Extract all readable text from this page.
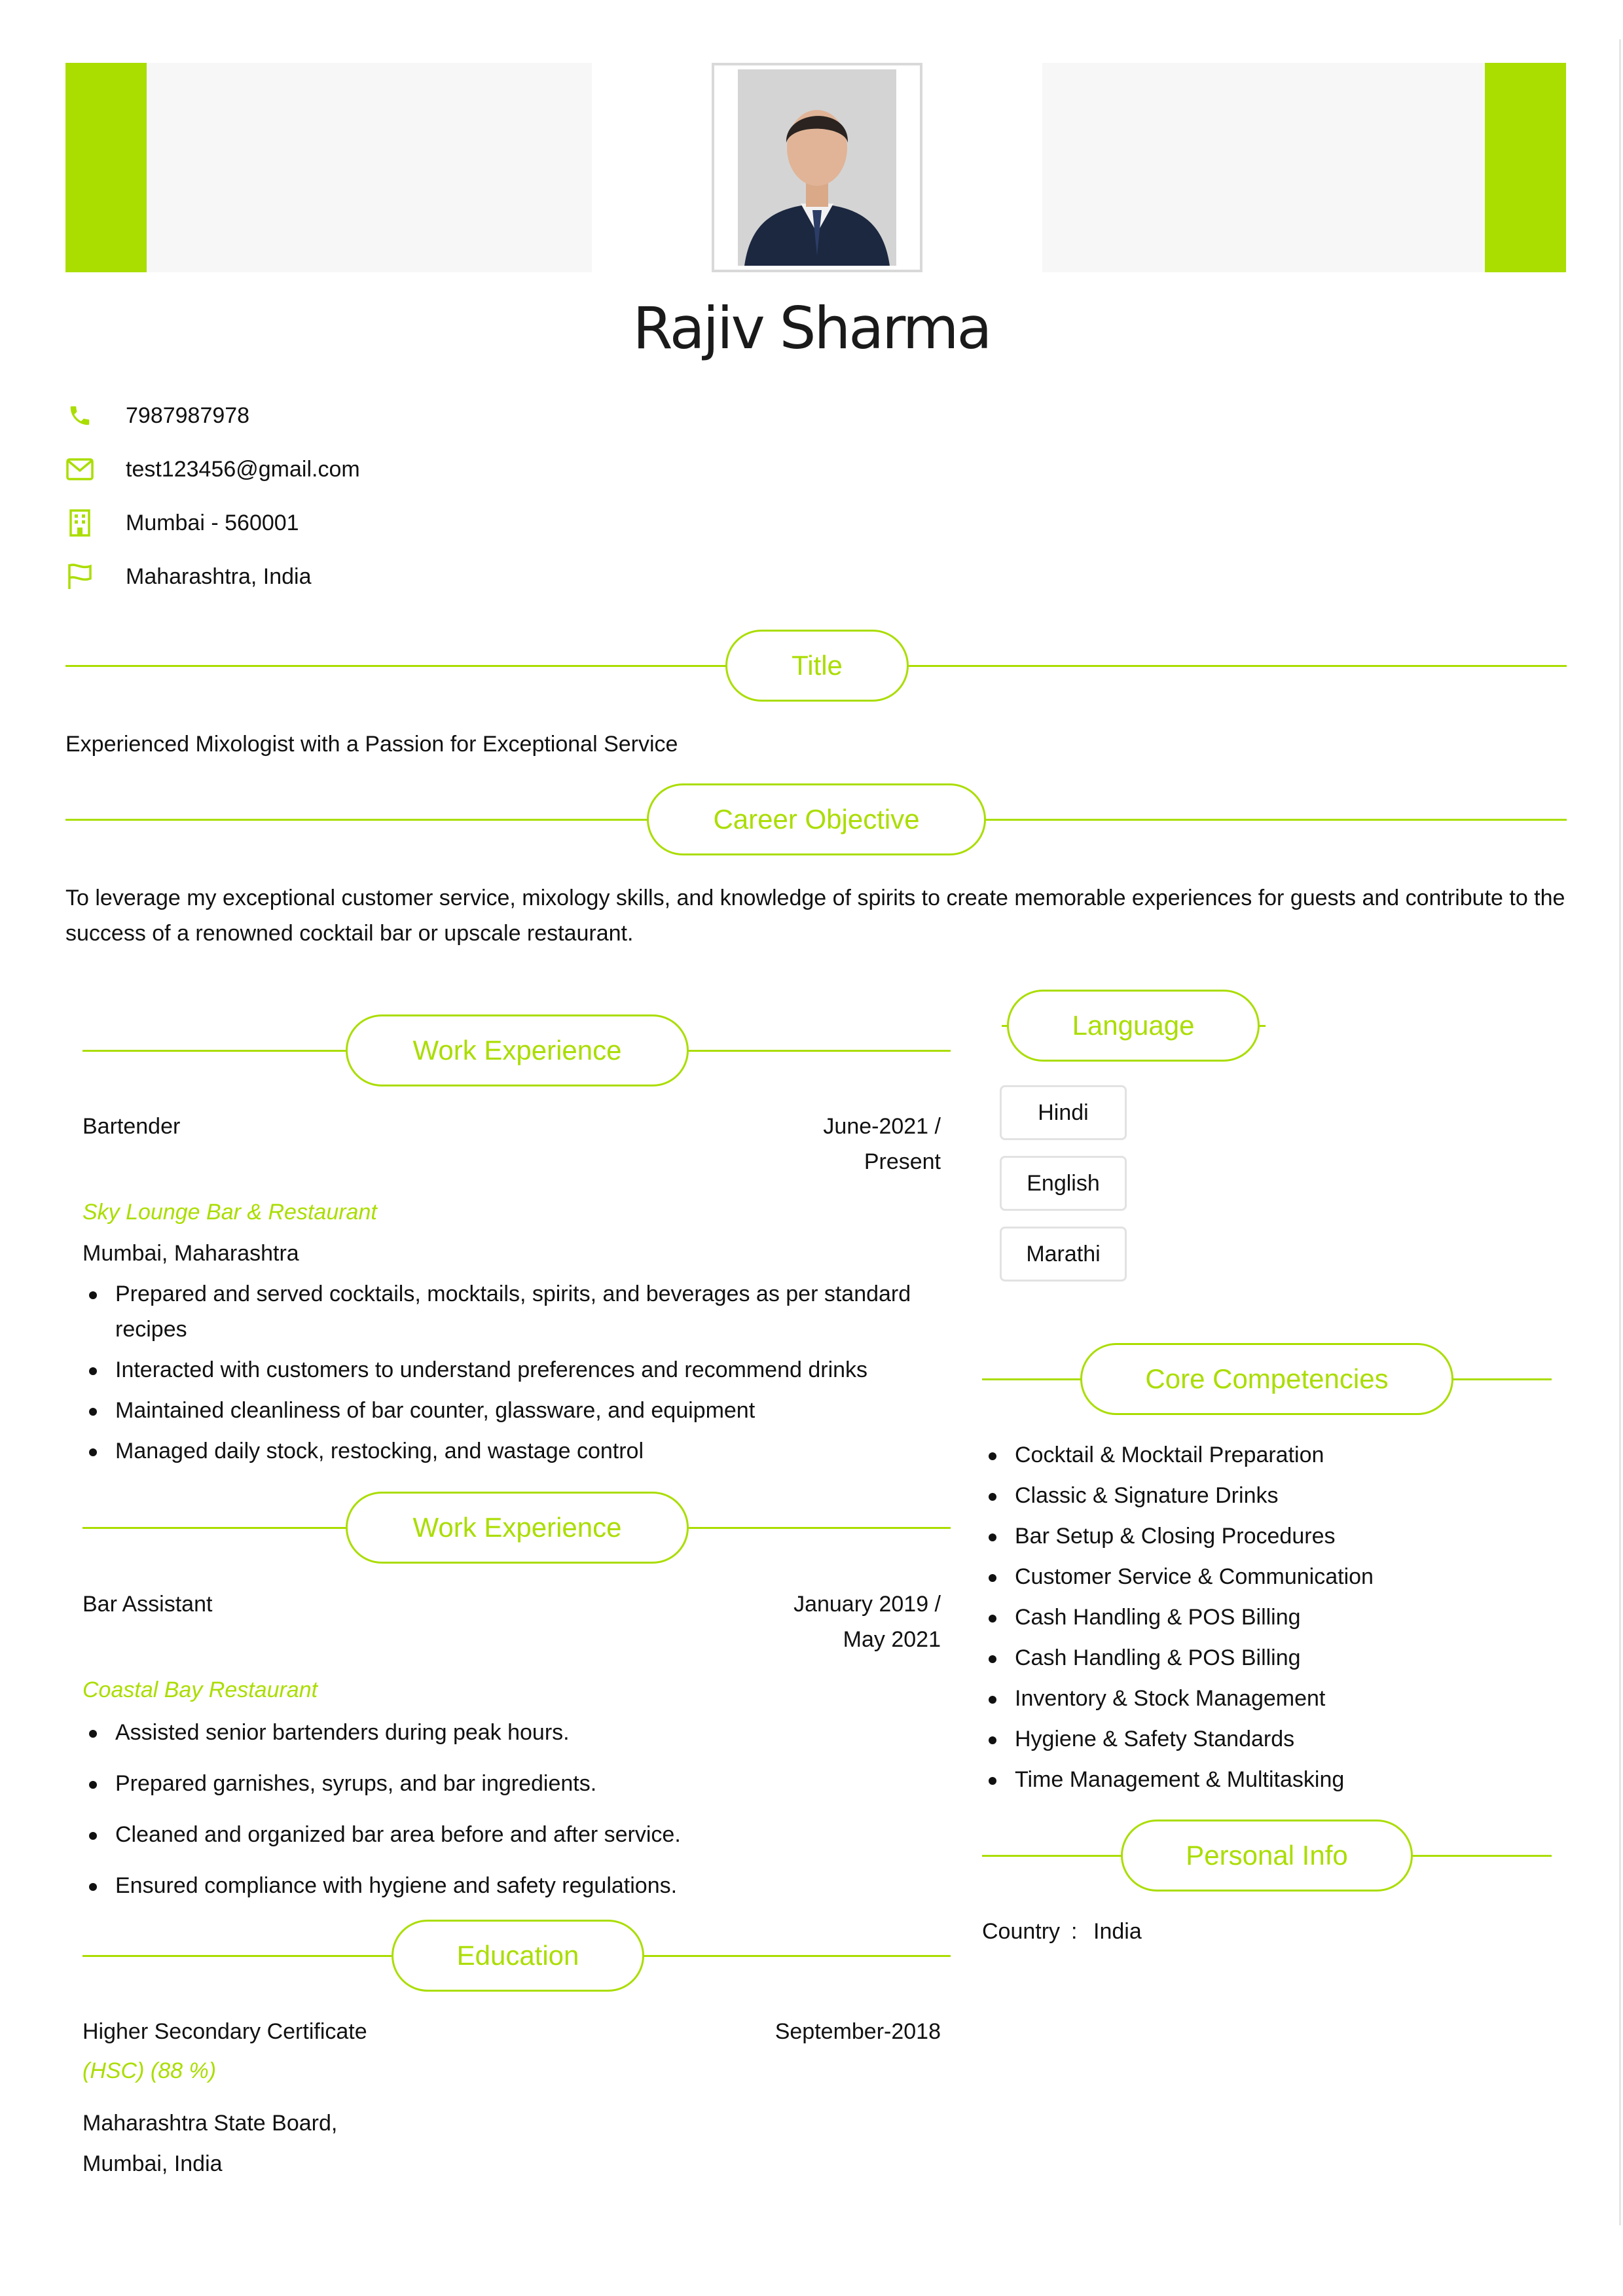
Rajiv Sharma
7987987978
test123456@gmail.com
Mumbai - 560001
Maharashtra, India
Title
Experienced Mixologist with a Passion for Exceptional Service
Career Objective
To leverage my exceptional customer service, mixology skills, and knowledge of spirits to create memorable experiences for guests and contribute to the success of a renowned cocktail bar or upscale restaurant.
Work Experience
Bartender	June-2021 /
Present
Sky Lounge Bar & Restaurant
Mumbai, Maharashtra
Prepared and served cocktails, mocktails, spirits, and beverages as per standard recipes
Interacted with customers to understand preferences and recommend drinks
Maintained cleanliness of bar counter, glassware, and equipment
Managed daily stock, restocking, and wastage control
Work Experience
Bar Assistant	January 2019 /
May 2021
Coastal Bay Restaurant
Assisted senior bartenders during peak hours.
Prepared garnishes, syrups, and bar ingredients.
Cleaned and organized bar area before and after service.
Ensured compliance with hygiene and safety regulations.
Education
Higher Secondary Certificate	September-2018
(HSC) (88 %)
Maharashtra State Board,
Mumbai, India
Language
Hindi
English
Marathi
Core Competencies
Cocktail & Mocktail Preparation
Classic & Signature Drinks
Bar Setup & Closing Procedures
Customer Service & Communication
Cash Handling & POS Billing
Cash Handling & POS Billing
Inventory & Stock Management
Hygiene & Safety Standards
Time Management & Multitasking
Personal Info
Country : India
